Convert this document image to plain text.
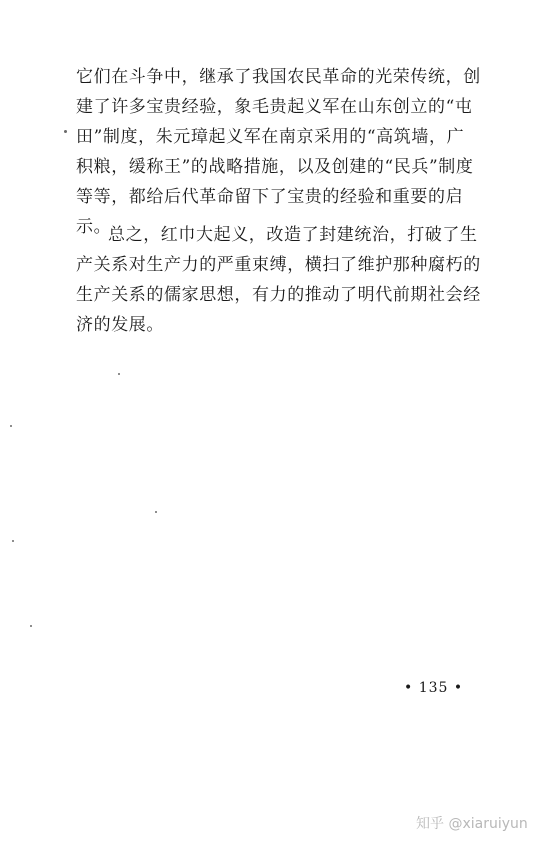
它们在斗争中，继承了我国农民革命的光荣传统，创
建了许多宝贵经验，象毛贵起义军在山东创立的“屯
田”制度，朱元璋起义军在南京采用的“高筑墙，广
积粮，缓称王”的战略措施，以及创建的“民兵”制度
等等，都给后代革命留下了宝贵的经验和重要的启
示。
总之，红巾大起义，改造了封建统治，打破了生
产关系对生产力的严重束缚，横扫了维护那种腐朽的
生产关系的儒家思想，有力的推动了明代前期社会经
济的发展。
• 135 •
知乎 @xiaruiyun
